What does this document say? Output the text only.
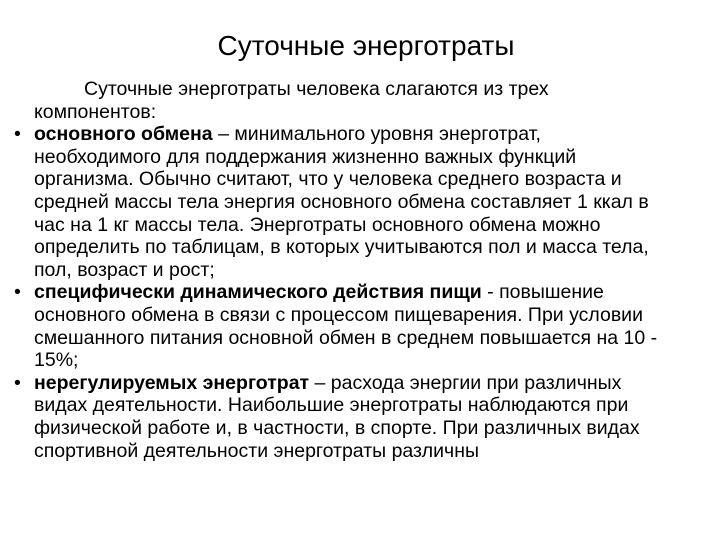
Суточные энерготраты

Суточные энерготраты человека слагаются из трех компонентов:

• основного обмена – минимального уровня энерготрат, необходимого для поддержания жизненно важных функций организма. Обычно считают, что у человека среднего возраста и средней массы тела энергия основного обмена составляет 1 ккал в час на 1 кг массы тела. Энерготраты основного обмена можно определить по таблицам, в которых учитываются пол и масса тела, пол, возраст и рост;

• специфически динамического действия пищи - повышение основного обмена в связи с процессом пищеварения. При условии смешанного питания основной обмен в среднем повышается на 10 - 15%;

• нерегулируемых энерготрат – расхода энергии при различных видах деятельности. Наибольшие энерготраты наблюдаются при физической работе и, в частности, в спорте. При различных видах спортивной деятельности энерготраты различны
